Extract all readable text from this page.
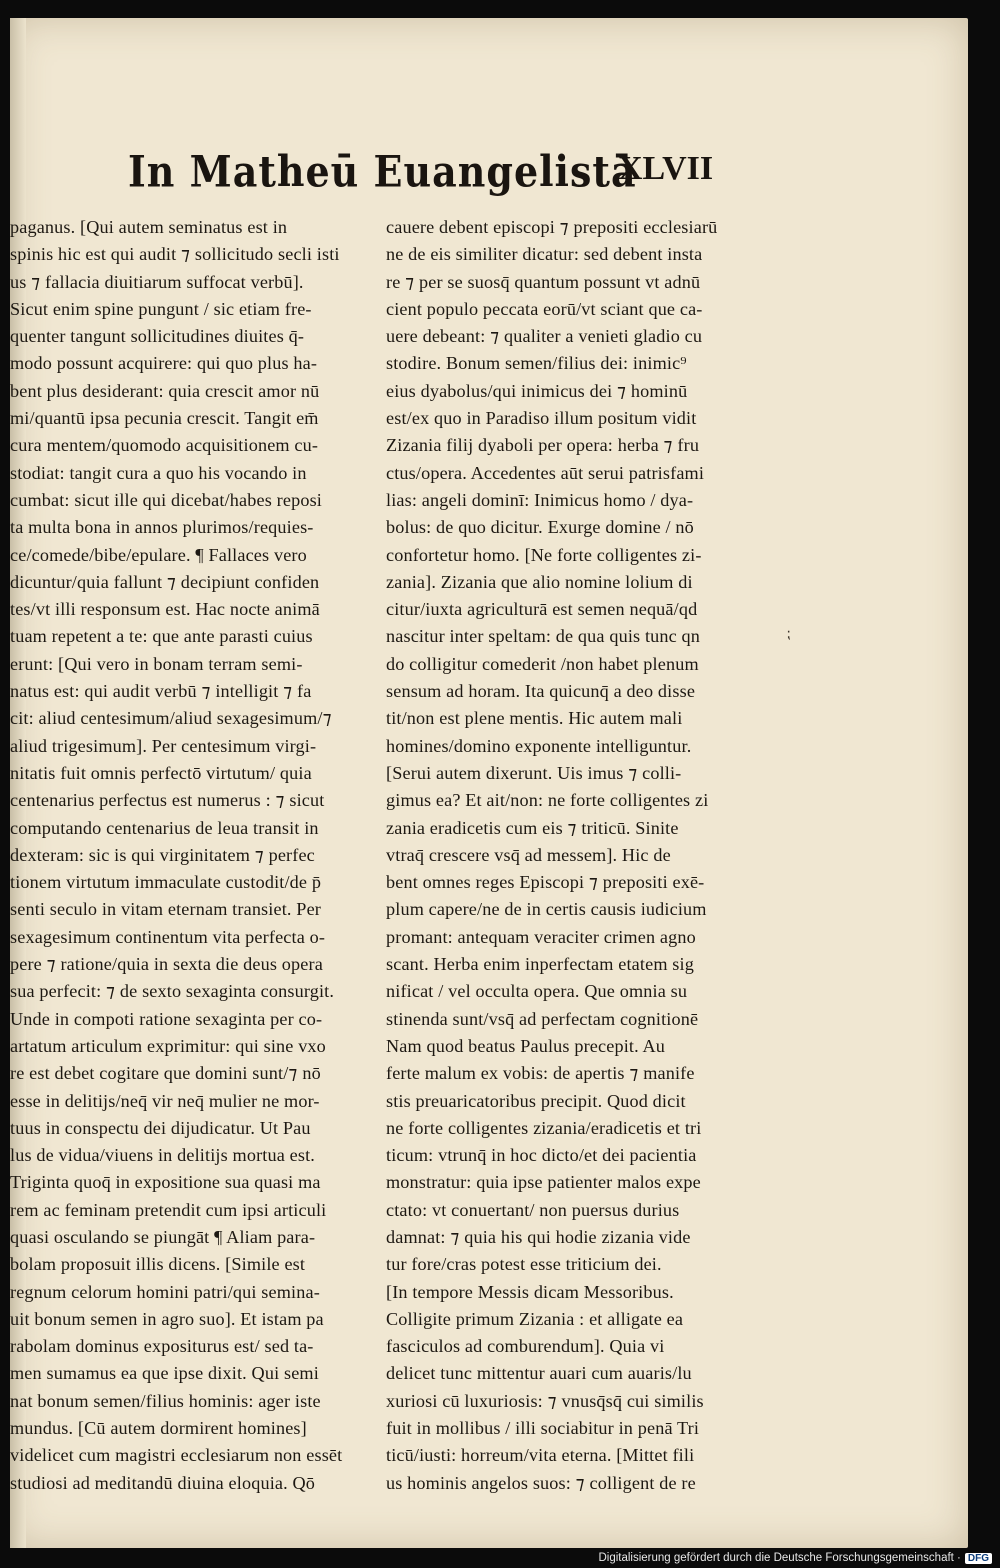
In Matheū Euangelistā
XLVII
⁏
paganus. [Qui autem seminatus est in
spinis hic est qui audit ⁊ sollicitudo secli isti
us ⁊ fallacia diuitiarum suffocat verbū].
Sicut enim spine pungunt / sic etiam fre-
quenter tangunt sollicitudines diuites q̄-
modo possunt acquirere: qui quo plus ha-
bent plus desiderant: quia crescit amor nū
mi/quantū ipsa pecunia crescit. Tangit em̄
cura mentem/quomodo acquisitionem cu-
stodiat: tangit cura a quo his vocando in
cumbat: sicut ille qui dicebat/habes reposi
ta multa bona in annos plurimos/requies-
ce/comede/bibe/epulare. ¶ Fallaces vero
dicuntur/quia fallunt ⁊ decipiunt confiden
tes/vt illi responsum est. Hac nocte animā
tuam repetent a te: que ante parasti cuius
erunt: [Qui vero in bonam terram semi-
natus est: qui audit verbū ⁊ intelligit ⁊ fa
cit: aliud centesimum/aliud sexagesimum/⁊
aliud trigesimum]. Per centesimum virgi-
nitatis fuit omnis perfectō virtutum/ quia
centenarius perfectus est numerus : ⁊ sicut
computando centenarius de leua transit in
dexteram: sic is qui virginitatem ⁊ perfec
tionem virtutum immaculate custodit/de p̄
senti seculo in vitam eternam transiet. Per
sexagesimum continentum vita perfecta o-
pere ⁊ ratione/quia in sexta die deus opera
sua perfecit: ⁊ de sexto sexaginta consurgit.
Unde in compoti ratione sexaginta per co-
artatum articulum exprimitur: qui sine vxo
re est debet cogitare que domini sunt/⁊ nō
esse in delitijs/neq̄ vir neq̄ mulier ne mor-
tuus in conspectu dei dijudicatur. Ut Pau
lus de vidua/viuens in delitijs mortua est.
Triginta quoq̄ in expositione sua quasi ma
rem ac feminam pretendit cum ipsi articuli
quasi osculando se piungāt ¶ Aliam para-
bolam proposuit illis dicens. [Simile est
regnum celorum homini patri/qui semina-
uit bonum semen in agro suo]. Et istam pa
rabolam dominus expositurus est/ sed ta-
men sumamus ea que ipse dixit. Qui semi
nat bonum semen/filius hominis: ager iste
mundus. [Cū autem dormirent homines]
videlicet cum magistri ecclesiarum non essēt
studiosi ad meditandū diuina eloquia. Qō
cauere debent episcopi ⁊ prepositi ecclesiarū
ne de eis similiter dicatur: sed debent insta
re ⁊ per se suosq̄ quantum possunt vt adnū
cient populo peccata eorū/vt sciant que ca-
uere debeant: ⁊ qualiter a venieti gladio cu
stodire. Bonum semen/filius dei: inimic⁹
eius dyabolus/qui inimicus dei ⁊ hominū
est/ex quo in Paradiso illum positum vidit
Zizania filij dyaboli per opera: herba ⁊ fru
ctus/opera. Accedentes aūt serui patrisfami
lias: angeli dominī: Inimicus homo / dya-
bolus: de quo dicitur. Exurge domine / nō
confortetur homo. [Ne forte colligentes zi-
zania]. Zizania que alio nomine lolium di
citur/iuxta agriculturā est semen nequā/qd
nascitur inter speltam: de qua quis tunc qn
do colligitur comederit /non habet plenum
sensum ad horam. Ita quicunq̄ a deo disse
tit/non est plene mentis. Hic autem mali
homines/domino exponente intelliguntur.
[Serui autem dixerunt. Uis imus ⁊ colli-
gimus ea? Et ait/non: ne forte colligentes zi
zania eradicetis cum eis ⁊ triticū. Sinite
vtraq̄ crescere vsq̄ ad messem]. Hic de
bent omnes reges Episcopi ⁊ prepositi exē-
plum capere/ne de in certis causis iudicium
promant: antequam veraciter crimen agno
scant. Herba enim inperfectam etatem sig
nificat / vel occulta opera. Que omnia su
stinenda sunt/vsq̄ ad perfectam cognitionē
Nam quod beatus Paulus precepit. Au
ferte malum ex vobis: de apertis ⁊ manife
stis preuaricatoribus precipit. Quod dicit
ne forte colligentes zizania/eradicetis et tri
ticum: vtrunq̄ in hoc dicto/et dei pacientia
monstratur: quia ipse patienter malos expe
ctato: vt conuertant/ non puersus durius
damnat: ⁊ quia his qui hodie zizania vide
tur fore/cras potest esse triticium dei.
[In tempore Messis dicam Messoribus.
Colligite primum Zizania : et alligate ea
fasciculos ad comburendum]. Quia vi
delicet tunc mittentur auari cum auaris/lu
xuriosi cū luxuriosis: ⁊ vnusq̄sq̄ cui similis
fuit in mollibus / illi sociabitur in penā Tri
ticū/iusti: horreum/vita eterna. [Mittet fili
us hominis angelos suos: ⁊ colligent de re
Digitalisierung gefördert durch die Deutsche Forschungsgemeinschaft · DFG
